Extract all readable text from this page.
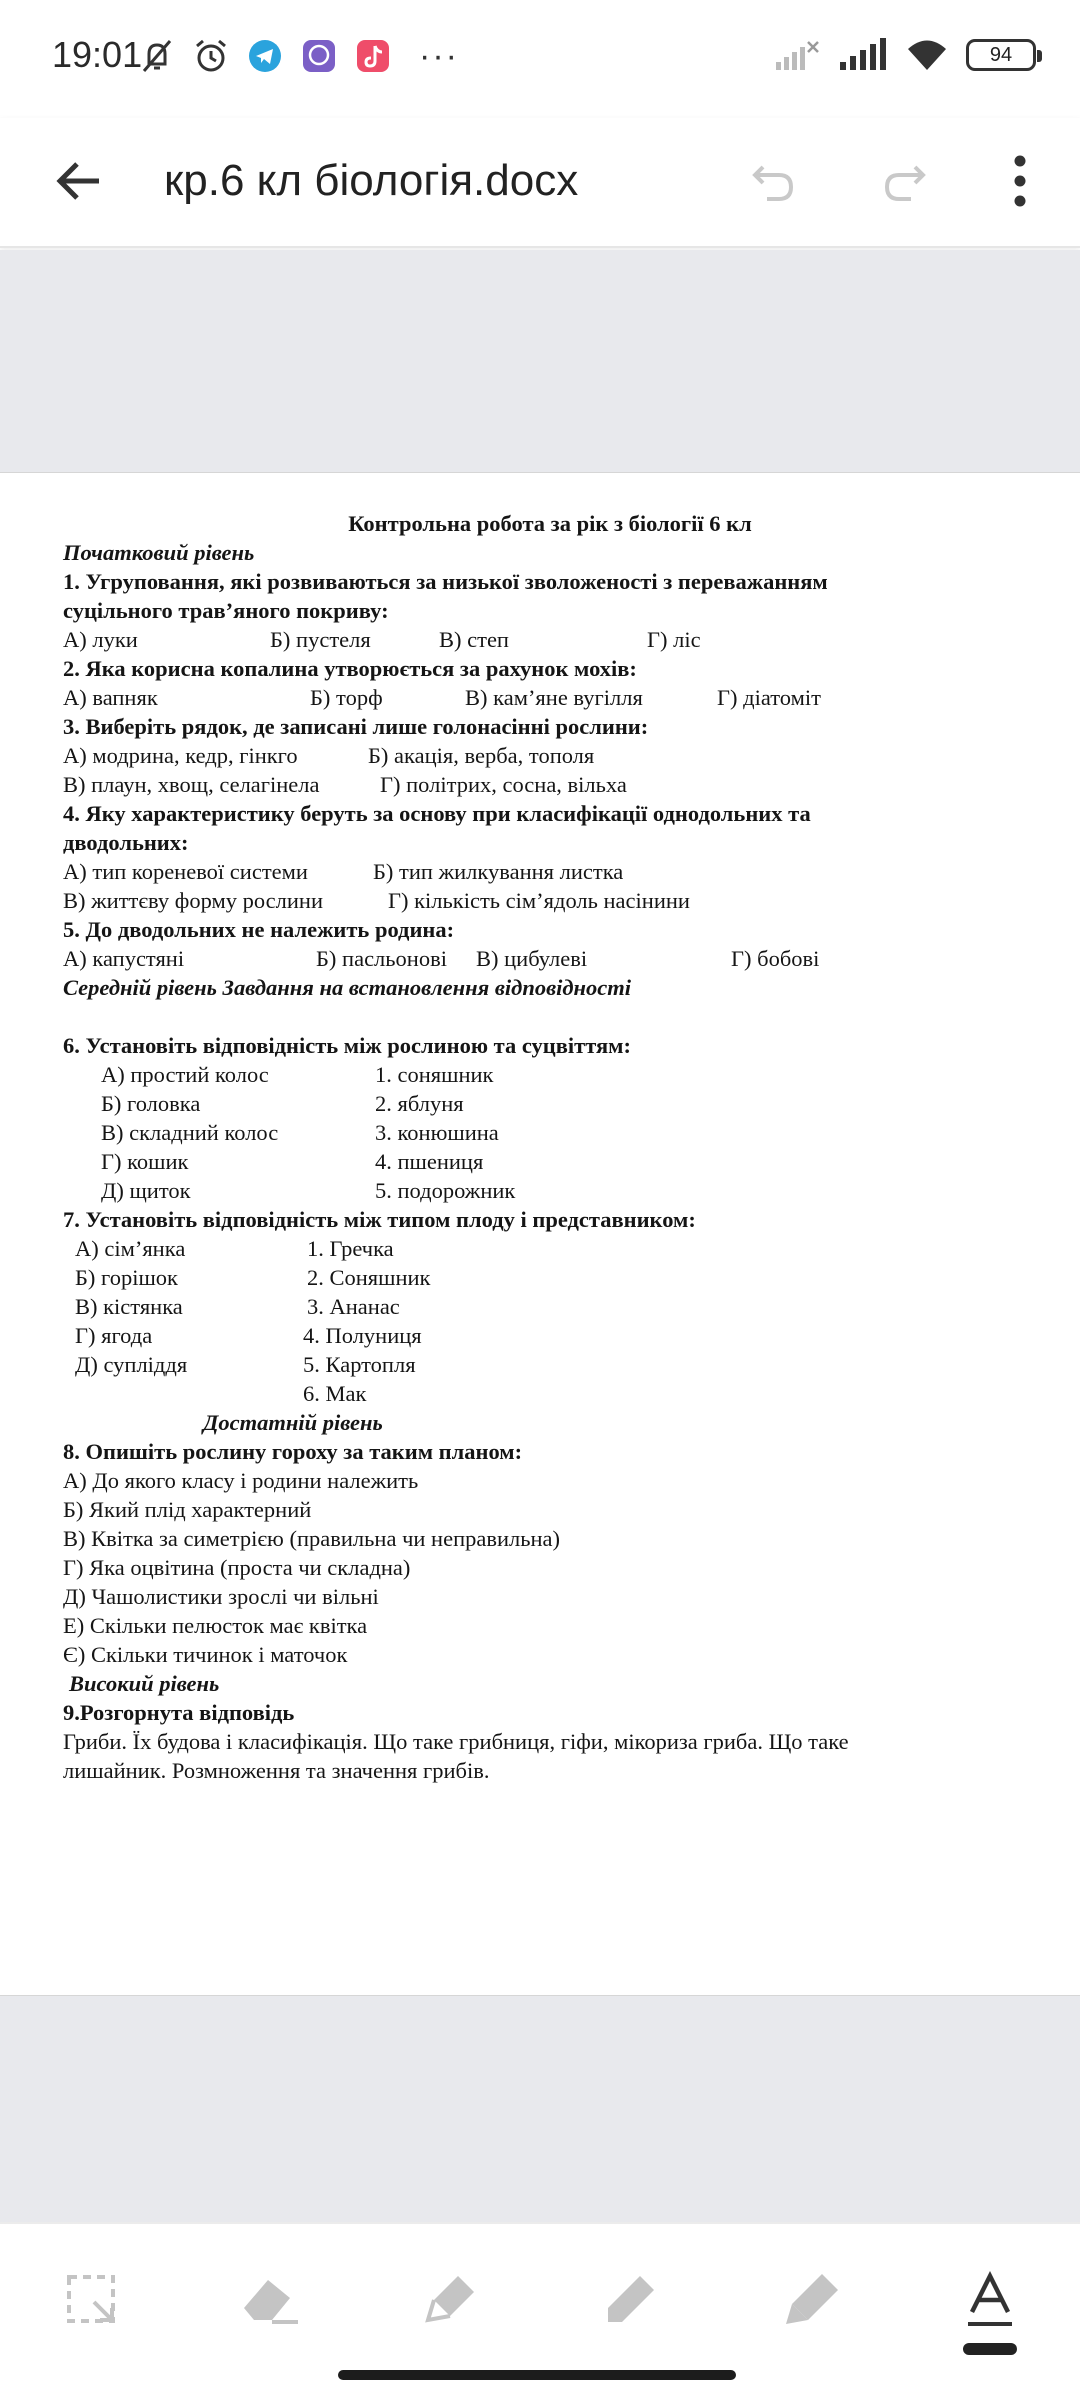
19:01	···	94
кр.6 кл біологія.docx
Контрольна робота за рік з біології 6 кл
Початковий рівень
1. Угруповання, які розвиваються за низької зволоженості з переважанням
суцільного трав’яного покриву:
А) луки	Б) пустеля	В) степ	Г) ліс
2. Яка корисна копалина утворюється за рахунок мохів:
А) вапняк	Б) торф	В) кам’яне вугілля	Г) діатоміт
3. Виберіть рядок, де записані лише голонасінні рослини:
А) модрина, кедр, гінкго	Б) акація, верба, тополя
В) плаун, хвощ, селагінела	Г) політрих, сосна, вільха
4. Яку характеристику беруть за основу при класифікації однодольних та
дводольних:
А) тип кореневої системи	Б) тип жилкування листка
В) життєву форму рослини	Г) кількість сім’ядоль насінини
5. До дводольних не належить родина:
А) капустяні	Б) пасльонові В) цибулеві	Г) бобові
Середній рівень Завдання на встановлення відповідності
6. Установіть відповідність між рослиною та суцвіттям:
А) простий колос	1. соняшник
Б) головка	2. яблуня
В) складний колос	3. конюшина
Г) кошик	4. пшениця
Д) щиток	5. подорожник
7. Установіть відповідність між типом плоду і представником:
А) сім’янка	1. Гречка
Б) горішок	2. Соняшник
В) кістянка	3. Ананас
Г) ягода	4. Полуниця
Д) супліддя	5. Картопля
6. Мак
Достатній рівень
8. Опишіть рослину гороху за таким планом:
А) До якого класу і родини належить
Б) Який плід характерний
В) Квітка за симетрією (правильна чи неправильна)
Г) Яка оцвітина (проста чи складна)
Д) Чашолистики зрослі чи вільні
Е) Скільки пелюсток має квітка
Є) Скільки тичинок і маточок
Високий рівень
9.Розгорнута відповідь
Гриби. Їх будова і класифікація. Що таке грибниця, гіфи, мікориза гриба. Що таке
лишайник. Розмноження та значення грибів.
